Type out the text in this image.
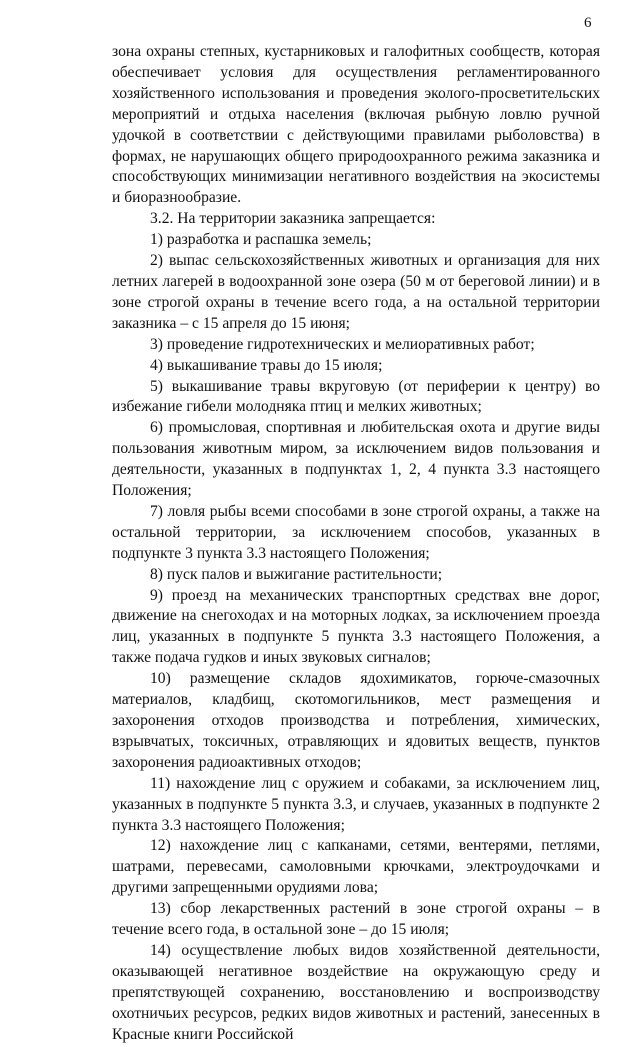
6

зона охраны степных, кустарниковых и галофитных сообществ, которая обеспечивает условия для осуществления регламентированного хозяйственного использования и проведения эколого-просветительских мероприятий и отдыха населения (включая рыбную ловлю ручной удочкой в соответствии с действующими правилами рыболовства) в формах, не нарушающих общего природоохранного режима заказника и способствующих минимизации негативного воздействия на экосистемы и биоразнообразие.

3.2. На территории заказника запрещается:

1) разработка и распашка земель;

2) выпас сельскохозяйственных животных и организация для них летних лагерей в водоохранной зоне озера (50 м от береговой линии) и в зоне строгой охраны в течение всего года, а на остальной территории заказника – с 15 апреля до 15 июня;

3) проведение гидротехнических и мелиоративных работ;

4) выкашивание травы до 15 июля;

5) выкашивание травы вкруговую (от периферии к центру) во избежание гибели молодняка птиц и мелких животных;

6) промысловая, спортивная и любительская охота и другие виды пользования животным миром, за исключением видов пользования и деятельности, указанных в подпунктах 1, 2, 4 пункта 3.3 настоящего Положения;

7) ловля рыбы всеми способами в зоне строгой охраны, а также на остальной территории, за исключением способов, указанных в подпункте 3 пункта 3.3 настоящего Положения;

8) пуск палов и выжигание растительности;

9) проезд на механических транспортных средствах вне дорог, движение на снегоходах и на моторных лодках, за исключением проезда лиц, указанных в подпункте 5 пункта 3.3 настоящего Положения, а также подача гудков и иных звуковых сигналов;

10) размещение складов ядохимикатов, горюче-смазочных материалов, кладбищ, скотомогильников, мест размещения и захоронения отходов производства и потребления, химических, взрывчатых, токсичных, отравляющих и ядовитых веществ, пунктов захоронения радиоактивных отходов;

11) нахождение лиц с оружием и собаками, за исключением лиц, указанных в подпункте 5 пункта 3.3, и случаев, указанных в подпункте 2 пункта 3.3 настоящего Положения;

12) нахождение лиц с капканами, сетями, вентерями, петлями, шатрами, перевесами, самоловными крючками, электроудочками и другими запрещенными орудиями лова;

13) сбор лекарственных растений в зоне строгой охраны – в течение всего года, в остальной зоне – до 15 июля;

14) осуществление любых видов хозяйственной деятельности, оказывающей негативное воздействие на окружающую среду и препятствующей сохранению, восстановлению и воспроизводству охотничьих ресурсов, редких видов животных и растений, занесенных в Красные книги Российской
